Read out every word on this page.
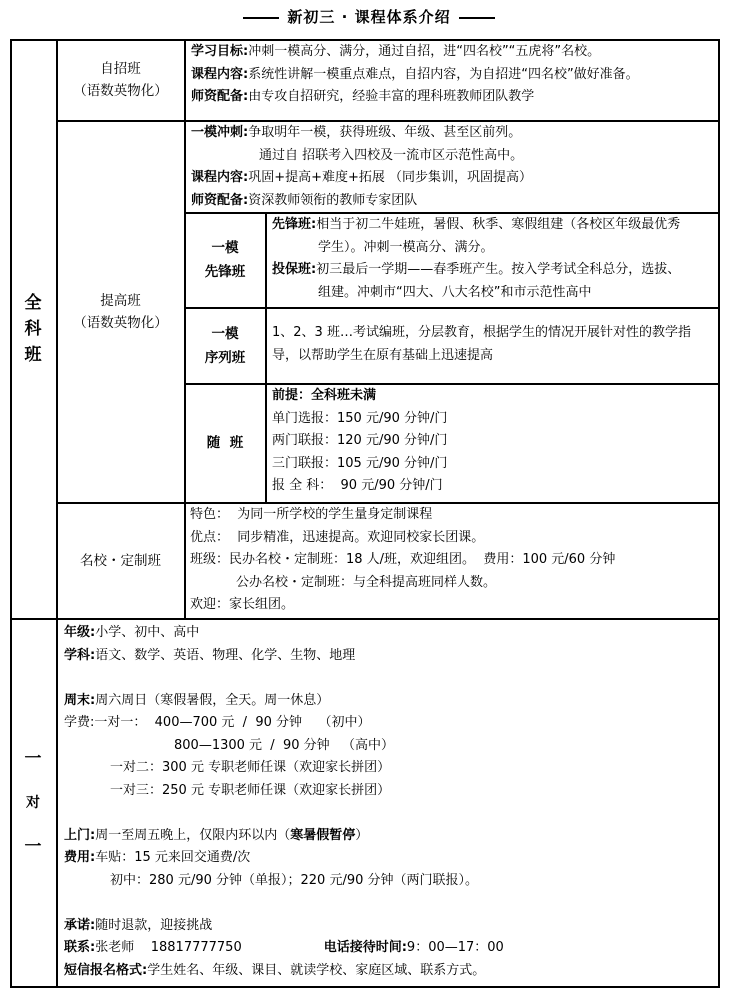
新初三 · 课程体系介绍
全
科
班
自招班
（语数英物化）
学习目标:冲刺一模高分、满分，通过自招，进“四名校”“五虎将”名校。
课程内容:系统性讲解一模重点难点，自招内容，为自招进“四名校”做好准备。
师资配备:由专攻自招研究，经验丰富的理科班教师团队教学
提高班
（语数英物化）
一模冲刺:争取明年一模，获得班级、年级、甚至区前列。
通过自 招联考入四校及一流市区示范性高中。
课程内容:巩固+提高+难度+拓展 （同步集训，巩固提高）
师资配备:资深教师领衔的教师专家团队
一模
先锋班
先锋班:相当于初二牛娃班，暑假、秋季、寒假组建（各校区年级最优秀
学生）。冲刺一模高分、满分。
投保班:初三最后一学期——春季班产生。按入学考试全科总分，选拔、
组建。冲刺市“四大、八大名校”和市示范性高中
一模
序列班
1、2、3 班…考试编班，分层教育，根据学生的情况开展针对性的教学指
导，以帮助学生在原有基础上迅速提高
随  班
前提：全科班未满
单门选报：150 元/90 分钟/门
两门联报：120 元/90 分钟/门
三门联报：105 元/90 分钟/门
报 全 科：  90 元/90 分钟/门
名校・定制班
特色：  为同一所学校的学生量身定制课程
优点：  同步精准，迅速提高。欢迎同校家长团课。
班级：民办名校・定制班：18 人/班，欢迎组团。  费用：100 元/60 分钟
公办名校・定制班：与全科提高班同样人数。
欢迎：家长组团。
一
对
一
年级:小学、初中、高中
学科:语文、数学、英语、物理、化学、生物、地理
周末:周六周日（寒假暑假，全天。周一休息）
学费:一对一：  400—700 元  /  90 分钟    （初中）
800—1300 元  /  90 分钟   （高中）
一对二：300 元 专职老师任课（欢迎家长拼团）
一对三：250 元 专职老师任课（欢迎家长拼团）
上门:周一至周五晚上，仅限内环以内（寒暑假暂停）
费用:车贴：15 元来回交通费/次
初中：280 元/90 分钟（单报）；220 元/90 分钟（两门联报）。
承诺:随时退款，迎接挑战
联系:张老师    18817777750	电话接待时间:9：00—17：00
短信报名格式:学生姓名、年级、课目、就读学校、家庭区域、联系方式。
